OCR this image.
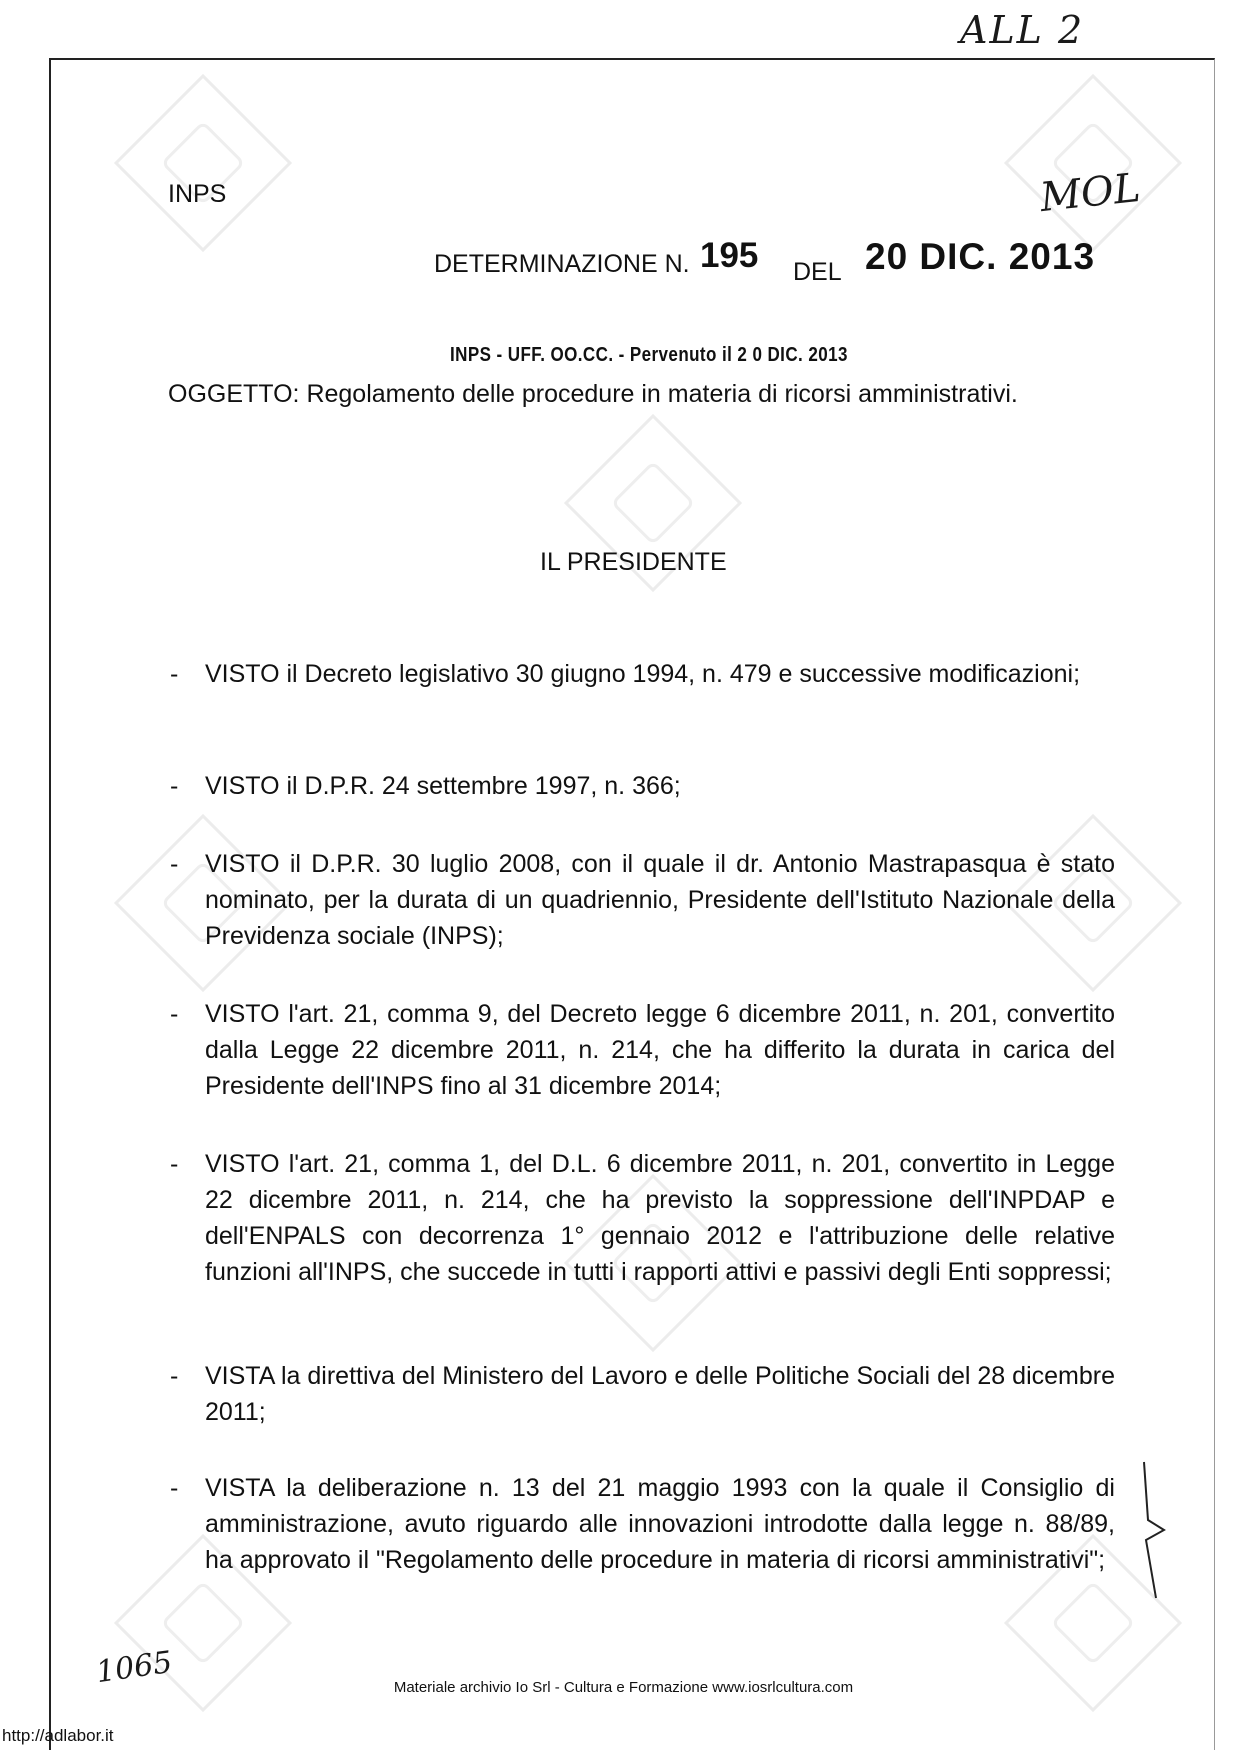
ALL 2
MOL
INPS
DETERMINAZIONE N. 195 DEL 20 DIC. 2013
INPS - UFF. OO.CC. - Pervenuto il 2 0 DIC. 2013
OGGETTO: Regolamento delle procedure in materia di ricorsi amministrativi.
IL PRESIDENTE
-	VISTO il Decreto legislativo 30 giugno 1994, n. 479 e successive modificazioni;
-	VISTO il D.P.R. 24 settembre 1997, n. 366;
-	VISTO il D.P.R. 30 luglio 2008, con il quale il dr. Antonio Mastrapasqua è stato nominato, per la durata di un quadriennio, Presidente dell'Istituto Nazionale della Previdenza sociale (INPS);
-	VISTO l'art. 21, comma 9, del Decreto legge 6 dicembre 2011, n. 201, convertito dalla Legge 22 dicembre 2011, n. 214, che ha differito la durata in carica del Presidente dell'INPS fino al 31 dicembre 2014;
-	VISTO l'art. 21, comma 1, del D.L. 6 dicembre 2011, n. 201, convertito in Legge 22 dicembre 2011, n. 214, che ha previsto la soppressione dell'INPDAP e dell'ENPALS con decorrenza 1° gennaio 2012 e l'attribuzione delle relative funzioni all'INPS, che succede in tutti i rapporti attivi e passivi degli Enti soppressi;
-	VISTA la direttiva del Ministero del Lavoro e delle Politiche Sociali del 28 dicembre 2011;
-	VISTA la deliberazione n. 13 del 21 maggio 1993 con la quale il Consiglio di amministrazione, avuto riguardo alle innovazioni introdotte dalla legge n. 88/89, ha approvato il "Regolamento delle procedure in materia di ricorsi amministrativi";
1065	Materiale archivio Io Srl - Cultura e Formazione www.iosrlcultura.com
http://adlabor.it
